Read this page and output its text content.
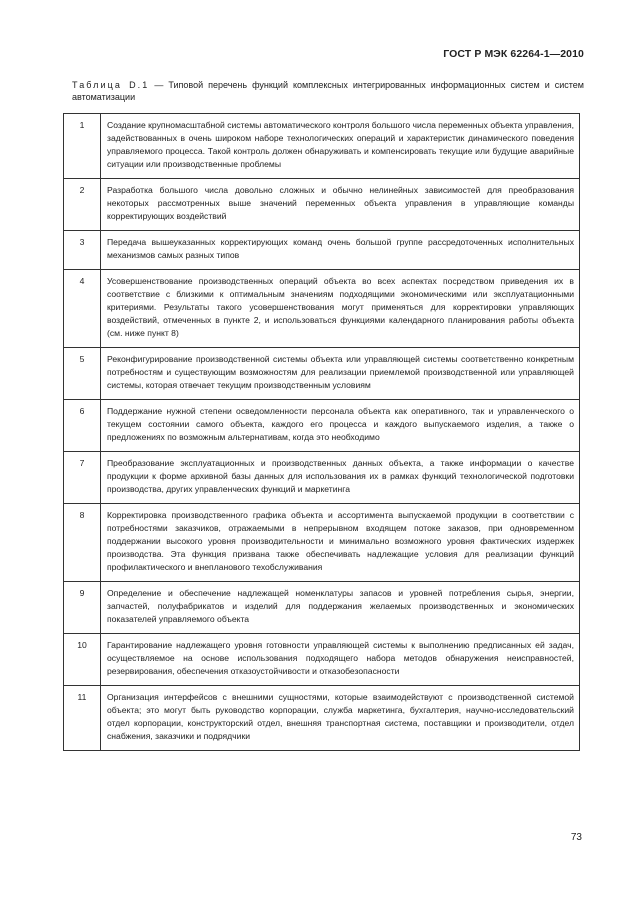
ГОСТ Р МЭК 62264-1—2010
Таблица D.1 — Типовой перечень функций комплексных интегрированных информационных систем и систем автоматизации
1	Создание крупномасштабной системы автоматического контроля большого числа переменных объекта управления, задействованных в очень широком наборе технологических операций и характеристик динамического поведения управляемого процесса. Такой контроль должен обнаруживать и компенсировать текущие или будущие аварийные ситуации или производственные проблемы
2	Разработка большого числа довольно сложных и обычно нелинейных зависимостей для преобразования некоторых рассмотренных выше значений переменных объекта управления в управляющие команды корректирующих воздействий
3	Передача вышеуказанных корректирующих команд очень большой группе рассредоточенных исполнительных механизмов самых разных типов
4	Усовершенствование производственных операций объекта во всех аспектах посредством приведения их в соответствие с близкими к оптимальным значениям подходящими экономическими или эксплуатационными критериями. Результаты такого усовершенствования могут применяться для корректировки управляющих воздействий, отмеченных в пункте 2, и использоваться функциями календарного планирования работы объекта (см. ниже пункт 8)
5	Реконфигурирование производственной системы объекта или управляющей системы соответственно конкретным потребностям и существующим возможностям для реализации приемлемой производственной или управляющей системы, которая отвечает текущим производственным условиям
6	Поддержание нужной степени осведомленности персонала объекта как оперативного, так и управленческого о текущем состоянии самого объекта, каждого его процесса и каждого выпускаемого изделия, а также о предложениях по возможным альтернативам, когда это необходимо
7	Преобразование эксплуатационных и производственных данных объекта, а также информации о качестве продукции к форме архивной базы данных для использования их в рамках функций технологической подготовки производства, других управленческих функций и маркетинга
8	Корректировка производственного графика объекта и ассортимента выпускаемой продукции в соответствии с потребностями заказчиков, отражаемыми в непрерывном входящем потоке заказов, при одновременном поддержании высокого уровня производительности и минимально возможного уровня фактических издержек производства. Эта функция призвана также обеспечивать надлежащие условия для реализации функций профилактического и внепланового техобслуживания
9	Определение и обеспечение надлежащей номенклатуры запасов и уровней потребления сырья, энергии, запчастей, полуфабрикатов и изделий для поддержания желаемых производственных и экономических показателей управляемого объекта
10	Гарантирование надлежащего уровня готовности управляющей системы к выполнению предписанных ей задач, осуществляемое на основе использования подходящего набора методов обнаружения неисправностей, резервирования, обеспечения отказоустойчивости и отказобезопасности
11	Организация интерфейсов с внешними сущностями, которые взаимодействуют с производственной системой объекта; это могут быть руководство корпорации, служба маркетинга, бухгалтерия, научно-исследовательский отдел корпорации, конструкторский отдел, внешняя транспортная система, поставщики и производители, отдел снабжения, заказчики и подрядчики
73
